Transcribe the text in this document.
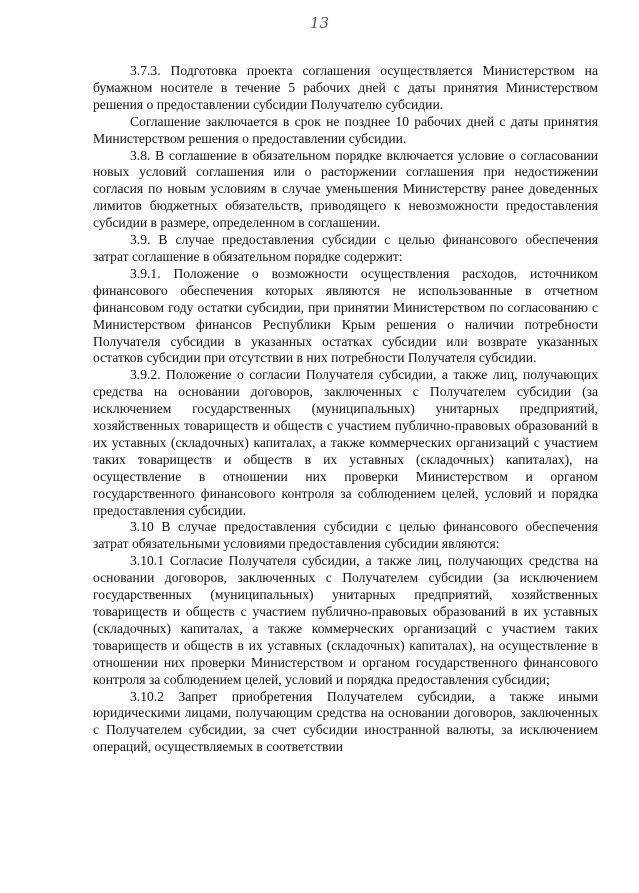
13

3.7.3. Подготовка проекта соглашения осуществляется Министерством на бумажном носителе в течение 5 рабочих дней с даты принятия Министерством решения о предоставлении субсидии Получателю субсидии.

Соглашение заключается в срок не позднее 10 рабочих дней с даты принятия Министерством решения о предоставлении субсидии.

3.8. В соглашение в обязательном порядке включается условие о согласовании новых условий соглашения или о расторжении соглашения при недостижении согласия по новым условиям в случае уменьшения Министерству ранее доведенных лимитов бюджетных обязательств, приводящего к невозможности предоставления субсидии в размере, определенном в соглашении.

3.9. В случае предоставления субсидии с целью финансового обеспечения затрат соглашение в обязательном порядке содержит:

3.9.1. Положение о возможности осуществления расходов, источником финансового обеспечения которых являются не использованные в отчетном финансовом году остатки субсидии, при принятии Министерством по согласованию с Министерством финансов Республики Крым решения о наличии потребности Получателя субсидии в указанных остатках субсидии или возврате указанных остатков субсидии при отсутствии в них потребности Получателя субсидии.

3.9.2. Положение о согласии Получателя субсидии, а также лиц, получающих средства на основании договоров, заключенных с Получателем субсидии (за исключением государственных (муниципальных) унитарных предприятий, хозяйственных товариществ и обществ с участием публично-правовых образований в их уставных (складочных) капиталах, а также коммерческих организаций с участием таких товариществ и обществ в их уставных (складочных) капиталах), на осуществление в отношении них проверки Министерством и органом государственного финансового контроля за соблюдением целей, условий и порядка предоставления субсидии.

3.10 В случае предоставления субсидии с целью финансового обеспечения затрат обязательными условиями предоставления субсидии являются:

3.10.1 Согласие Получателя субсидии, а также лиц, получающих средства на основании договоров, заключенных с Получателем субсидии (за исключением государственных (муниципальных) унитарных предприятий, хозяйственных товариществ и обществ с участием публично-правовых образований в их уставных (складочных) капиталах, а также коммерческих организаций с участием таких товариществ и обществ в их уставных (складочных) капиталах), на осуществление в отношении них проверки Министерством и органом государственного финансового контроля за соблюдением целей, условий и порядка предоставления субсидии;

3.10.2 Запрет приобретения Получателем субсидии, а также иными юридическими лицами, получающим средства на основании договоров, заключенных с Получателем субсидии, за счет субсидии иностранной валюты, за исключением операций, осуществляемых в соответствии
